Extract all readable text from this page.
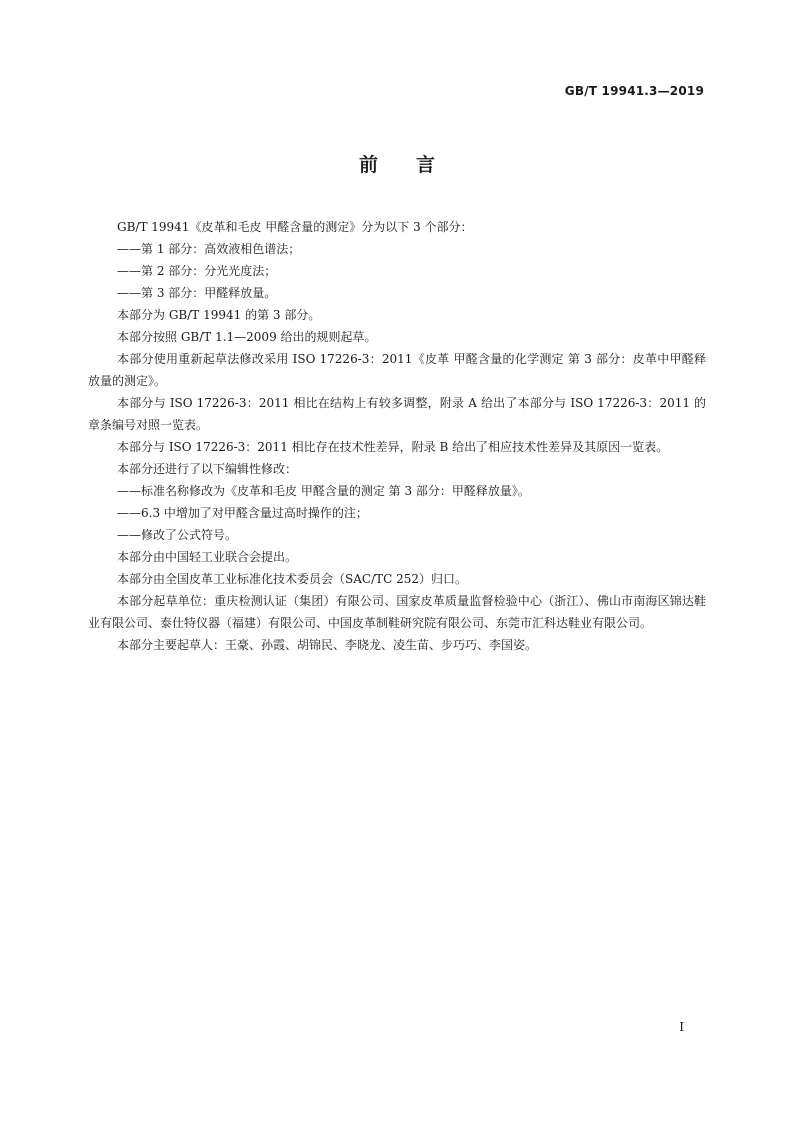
GB/T 19941.3—2019
前言

GB/T 19941《皮革和毛皮 甲醛含量的测定》分为以下 3 个部分：

——第 1 部分：高效液相色谱法；

——第 2 部分：分光光度法；

——第 3 部分：甲醛释放量。

本部分为 GB/T 19941 的第 3 部分。

本部分按照 GB/T 1.1—2009 给出的规则起草。

本部分使用重新起草法修改采用 ISO 17226-3：2011《皮革 甲醛含量的化学测定 第 3 部分：皮革中甲醛释放量的测定》。

本部分与 ISO 17226-3：2011 相比在结构上有较多调整，附录 A 给出了本部分与 ISO 17226-3：2011 的章条编号对照一览表。

本部分与 ISO 17226-3：2011 相比存在技术性差异，附录 B 给出了相应技术性差异及其原因一览表。

本部分还进行了以下编辑性修改：

——标准名称修改为《皮革和毛皮 甲醛含量的测定 第 3 部分：甲醛释放量》。

——6.3 中增加了对甲醛含量过高时操作的注；

——修改了公式符号。

本部分由中国轻工业联合会提出。

本部分由全国皮革工业标准化技术委员会（SAC/TC 252）归口。

本部分起草单位：重庆检测认证（集团）有限公司、国家皮革质量监督检验中心（浙江）、佛山市南海区锦达鞋业有限公司、泰仕特仪器（福建）有限公司、中国皮革制鞋研究院有限公司、东莞市汇科达鞋业有限公司。

本部分主要起草人：王豪、孙霞、胡锦民、李晓龙、凌生苗、步巧巧、李国姿。

I
